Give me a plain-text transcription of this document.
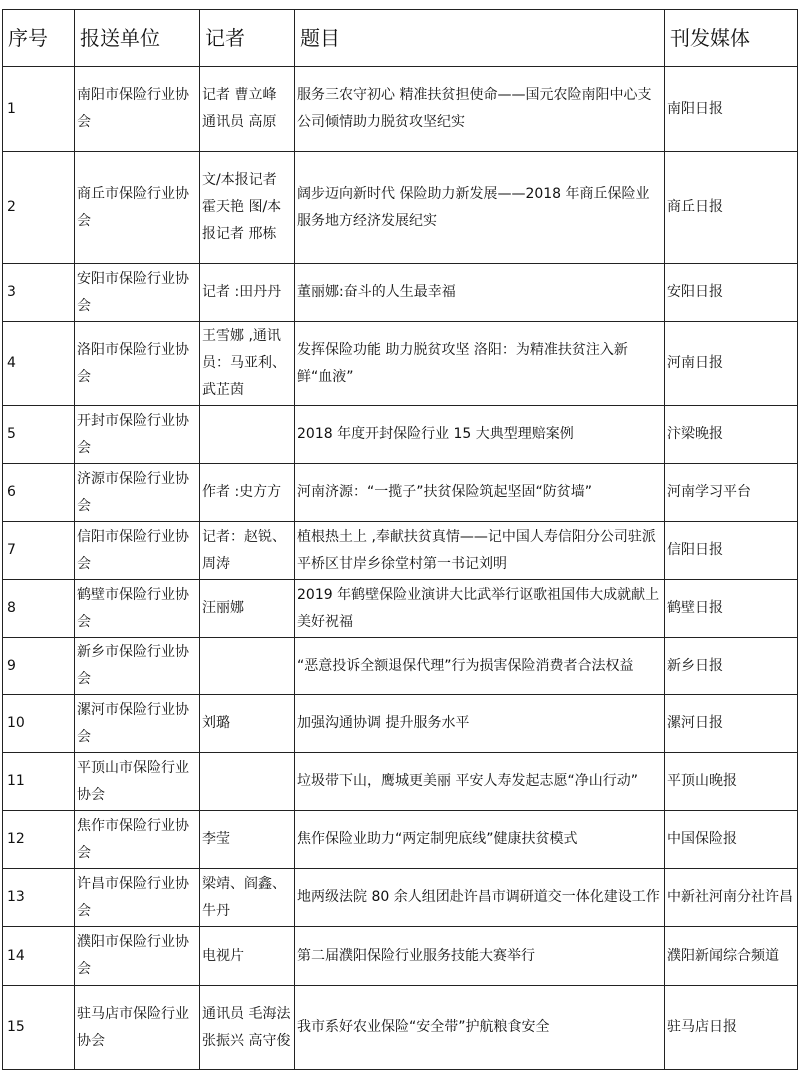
序号	报送单位	记者	题目	刊发媒体
1	南阳市保险行业协会	记者 曹立峰 通讯员 高原	服务三农守初心 精准扶贫担使命——国元农险南阳中心支公司倾情助力脱贫攻坚纪实	南阳日报
2	商丘市保险行业协会	文/本报记者 霍天艳 图/本报记者 邢栋	阔步迈向新时代 保险助力新发展——2018 年商丘保险业服务地方经济发展纪实	商丘日报
3	安阳市保险行业协会	记者 :田丹丹	董丽娜:奋斗的人生最幸福	安阳日报
4	洛阳市保险行业协会	王雪娜 ,通讯员：马亚利、武芷茵	发挥保险功能 助力脱贫攻坚 洛阳：为精准扶贫注入新鲜“血液”	河南日报
5	开封市保险行业协会		2018 年度开封保险行业 15 大典型理赔案例	汴梁晚报
6	济源市保险行业协会	作者 :史方方	河南济源：“一揽子”扶贫保险筑起坚固“防贫墙”	河南学习平台
7	信阳市保险行业协会	记者：赵锐、周涛	植根热土上 ,奉献扶贫真情——记中国人寿信阳分公司驻派平桥区甘岸乡徐堂村第一书记刘明	信阳日报
8	鹤壁市保险行业协会	汪丽娜	2019 年鹤壁保险业演讲大比武举行讴歌祖国伟大成就献上美好祝福	鹤壁日报
9	新乡市保险行业协会		“恶意投诉全额退保代理”行为损害保险消费者合法权益	新乡日报
10	漯河市保险行业协会	刘璐	加强沟通协调 提升服务水平	漯河日报
11	平顶山市保险行业协会		垃圾带下山，鹰城更美丽 平安人寿发起志愿“净山行动”	平顶山晚报
12	焦作市保险行业协会	李莹	焦作保险业助力“两定制兜底线”健康扶贫模式	中国保险报
13	许昌市保险行业协会	梁靖、阎鑫、牛丹	地两级法院 80 余人组团赴许昌市调研道交一体化建设工作	中新社河南分社许昌
14	濮阳市保险行业协会	电视片	第二届濮阳保险行业服务技能大赛举行	濮阳新闻综合频道
15	驻马店市保险行业协会	通讯员 毛海法 张振兴 高守俊	我市系好农业保险“安全带”护航粮食安全	驻马店日报
